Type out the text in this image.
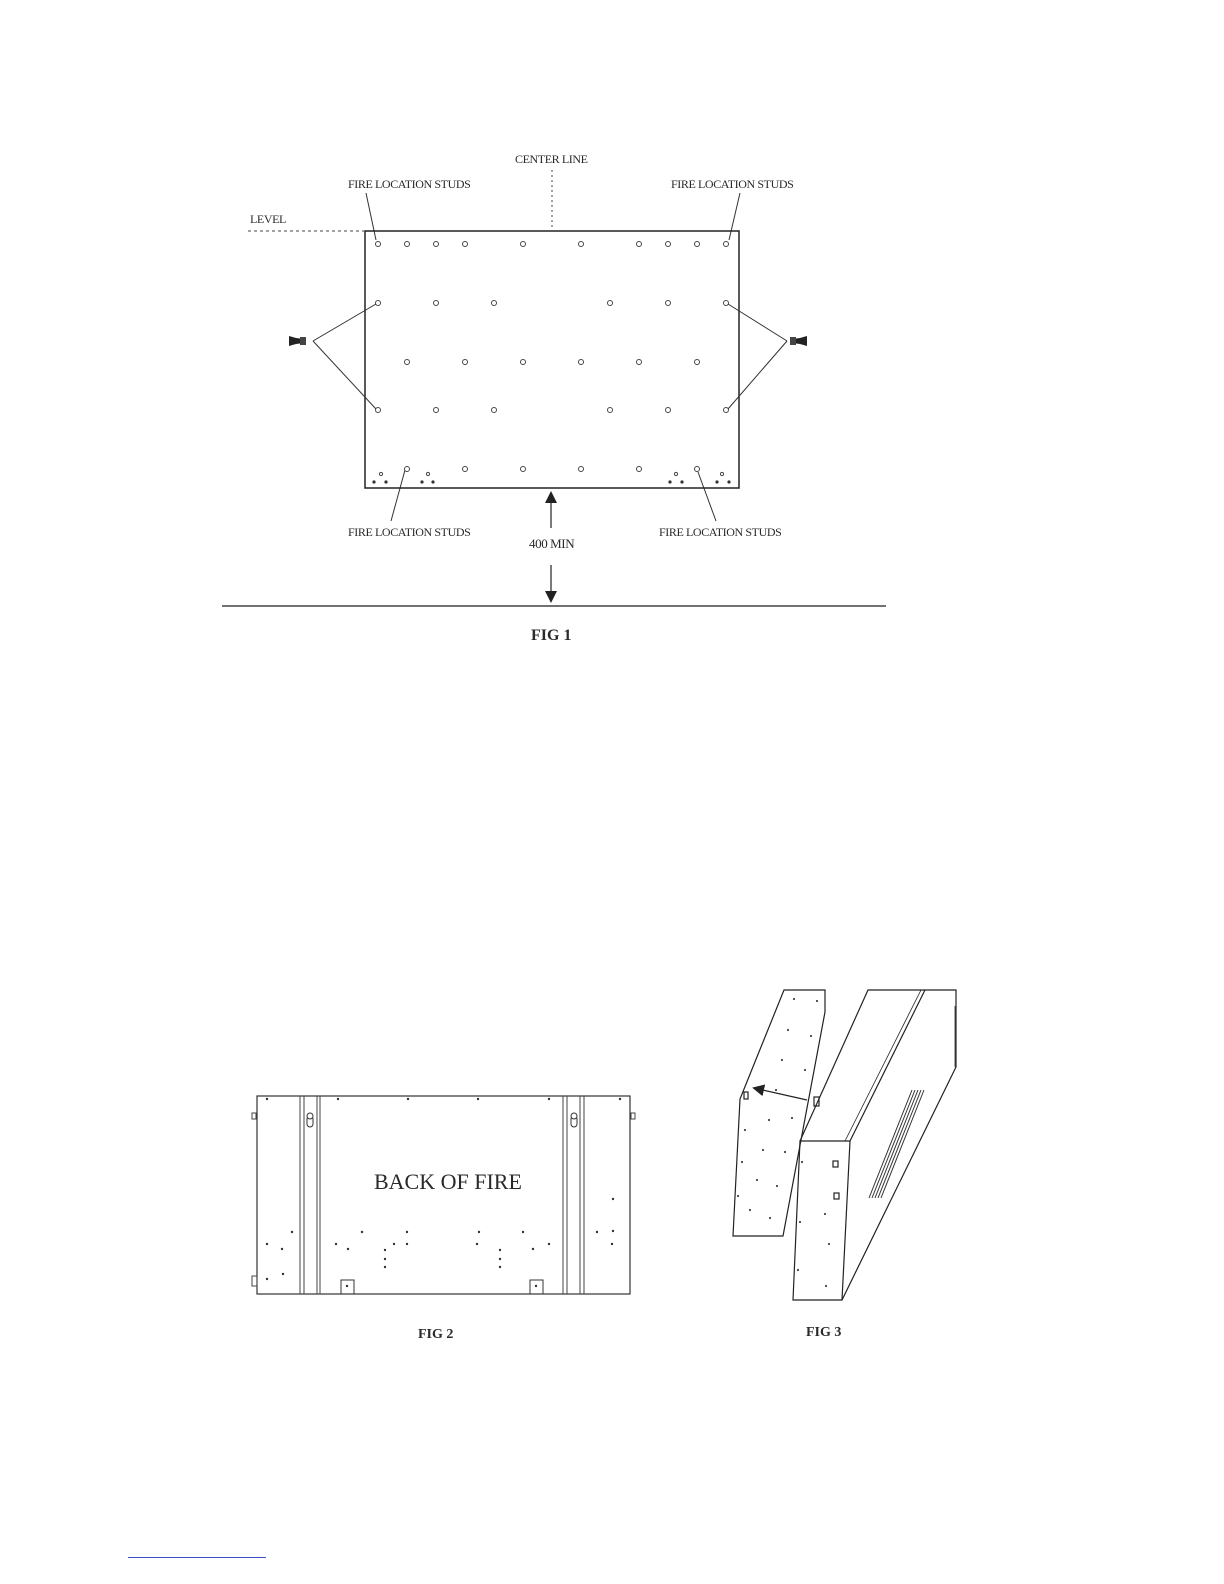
CENTER LINE
LEVEL
FIRE LOCATION STUDS	FIRE LOCATION STUDS
FIRE LOCATION STUDS	FIRE LOCATION STUDS
400 MIN
FIG 1
BACK OF FIRE
FIG 2	FIG 3
